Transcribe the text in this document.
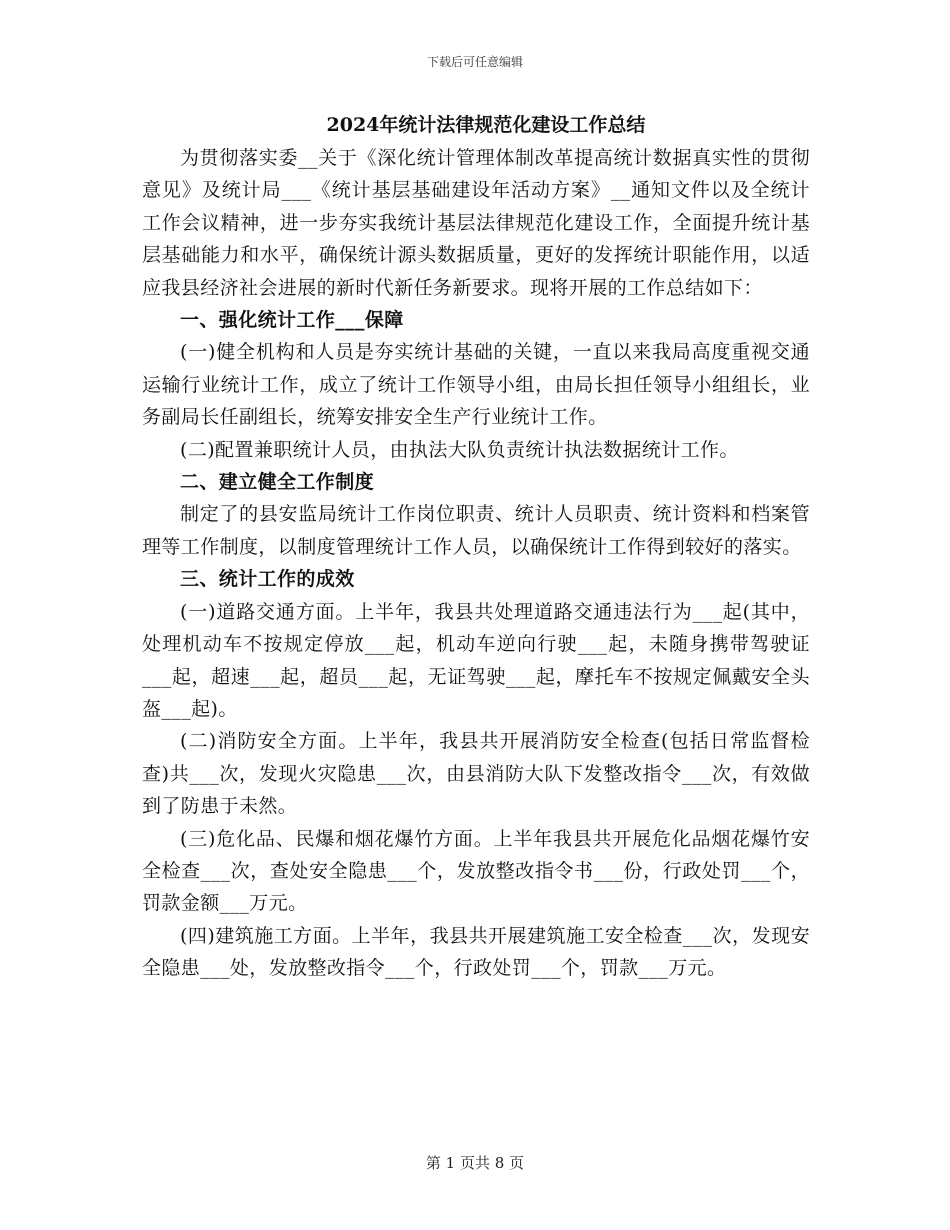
下载后可任意编辑
2024年统计法律规范化建设工作总结

为贯彻落实委__关于《深化统计管理体制改革提高统计数据真实性的贯彻意见》及统计局___《统计基层基础建设年活动方案》__通知文件以及全统计工作会议精神，进一步夯实我统计基层法律规范化建设工作，全面提升统计基层基础能力和水平，确保统计源头数据质量，更好的发挥统计职能作用，以适应我县经济社会进展的新时代新任务新要求。现将开展的工作总结如下：

一、强化统计工作___保障

(一)健全机构和人员是夯实统计基础的关键，一直以来我局高度重视交通运输行业统计工作，成立了统计工作领导小组，由局长担任领导小组组长，业务副局长任副组长，统筹安排安全生产行业统计工作。

(二)配置兼职统计人员，由执法大队负责统计执法数据统计工作。

二、建立健全工作制度

制定了的县安监局统计工作岗位职责、统计人员职责、统计资料和档案管理等工作制度，以制度管理统计工作人员，以确保统计工作得到较好的落实。

三、统计工作的成效

(一)道路交通方面。上半年，我县共处理道路交通违法行为___起(其中，处理机动车不按规定停放___起，机动车逆向行驶___起，未随身携带驾驶证___起，超速___起，超员___起，无证驾驶___起，摩托车不按规定佩戴安全头盔___起)。

(二)消防安全方面。上半年，我县共开展消防安全检查(包括日常监督检查)共___次，发现火灾隐患___次，由县消防大队下发整改指令___次，有效做到了防患于未然。

(三)危化品、民爆和烟花爆竹方面。上半年我县共开展危化品烟花爆竹安全检查___次，查处安全隐患___个，发放整改指令书___份，行政处罚___个，罚款金额___万元。

(四)建筑施工方面。上半年，我县共开展建筑施工安全检查___次，发现安全隐患___处，发放整改指令___个，行政处罚___个，罚款___万元。

第 1 页共 8 页
